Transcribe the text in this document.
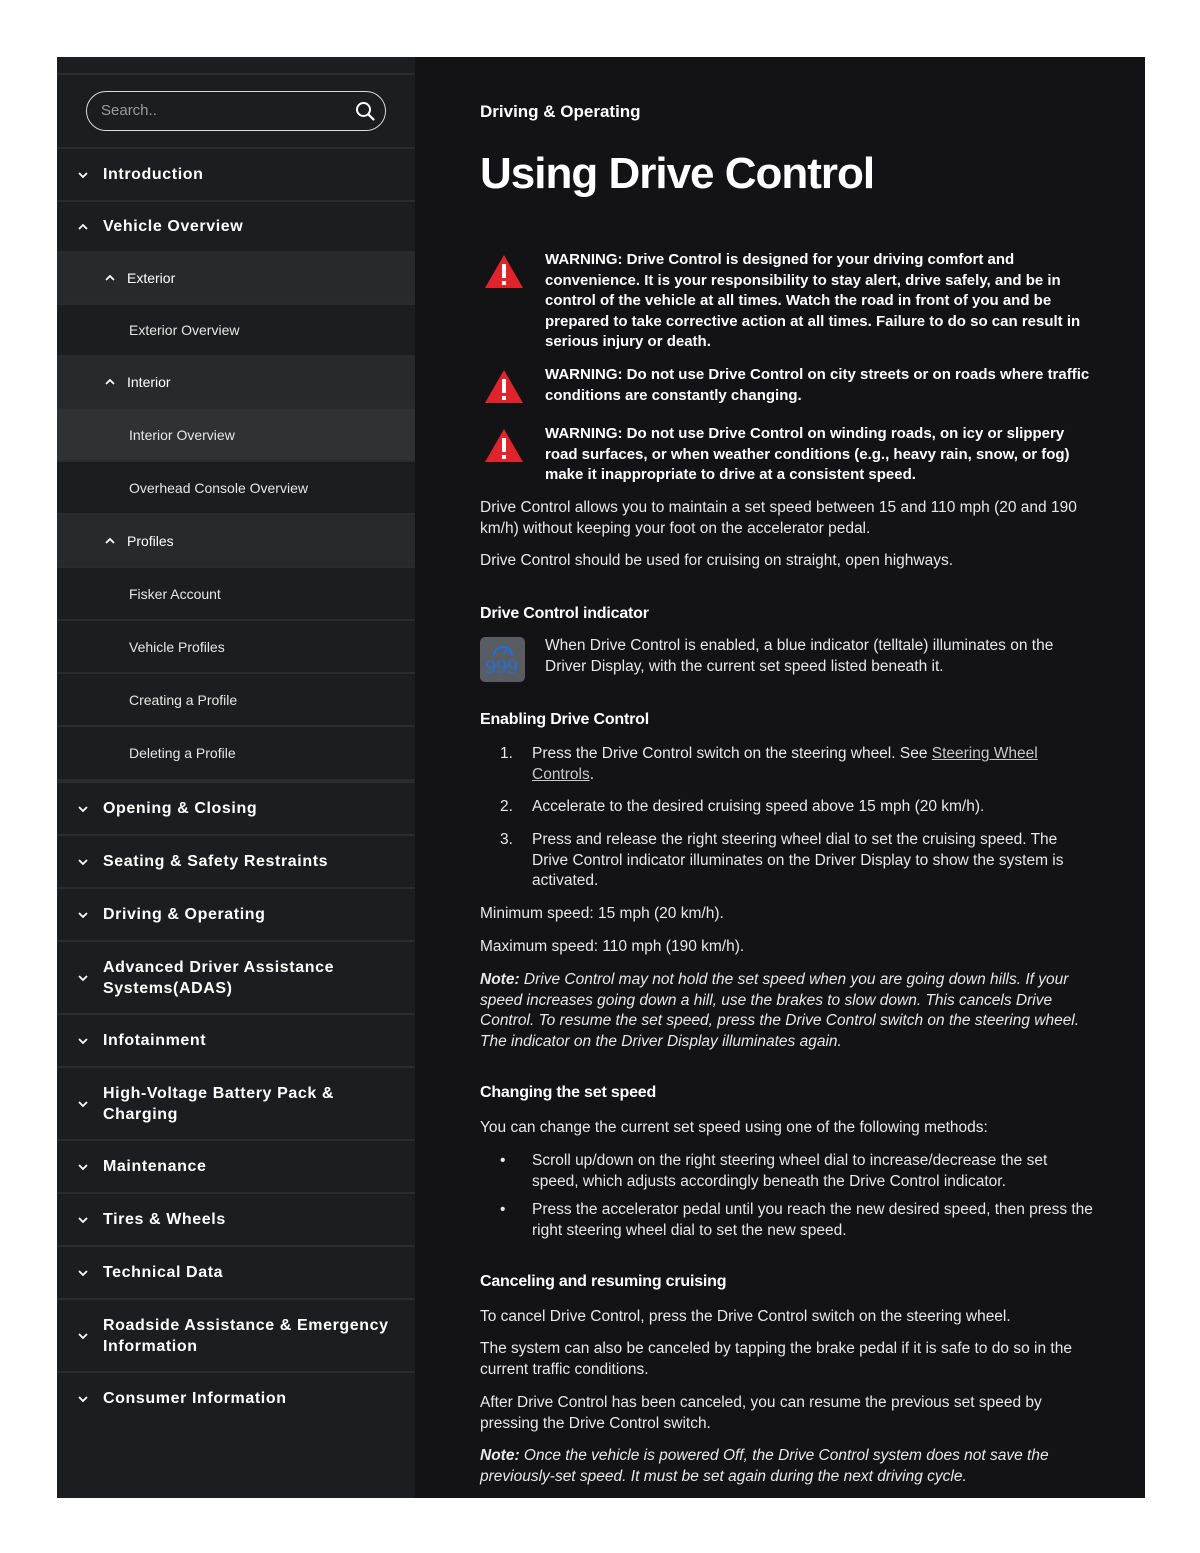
Search..
Introduction
Vehicle Overview
Exterior
Exterior Overview
Interior
Interior Overview
Overhead Console Overview
Profiles
Fisker Account
Vehicle Profiles
Creating a Profile
Deleting a Profile
Opening & Closing
Seating & Safety Restraints
Driving & Operating
Advanced Driver Assistance Systems(ADAS)
Infotainment
High-Voltage Battery Pack & Charging
Maintenance
Tires & Wheels
Technical Data
Roadside Assistance & Emergency Information
Consumer Information
Driving & Operating
Using Drive Control
WARNING: Drive Control is designed for your driving comfort and convenience. It is your responsibility to stay alert, drive safely, and be in control of the vehicle at all times. Watch the road in front of you and be prepared to take corrective action at all times. Failure to do so can result in serious injury or death.
WARNING: Do not use Drive Control on city streets or on roads where traffic conditions are constantly changing.
WARNING: Do not use Drive Control on winding roads, on icy or slippery road surfaces, or when weather conditions (e.g., heavy rain, snow, or fog) make it inappropriate to drive at a consistent speed.
Drive Control allows you to maintain a set speed between 15 and 110 mph (20 and 190 km/h) without keeping your foot on the accelerator pedal.
Drive Control should be used for cruising on straight, open highways.
Drive Control indicator
999
When Drive Control is enabled, a blue indicator (telltale) illuminates on the Driver Display, with the current set speed listed beneath it.
Enabling Drive Control
1. Press the Drive Control switch on the steering wheel. See Steering Wheel Controls.
2. Accelerate to the desired cruising speed above 15 mph (20 km/h).
3. Press and release the right steering wheel dial to set the cruising speed. The Drive Control indicator illuminates on the Driver Display to show the system is activated.
Minimum speed: 15 mph (20 km/h).
Maximum speed: 110 mph (190 km/h).
Note: Drive Control may not hold the set speed when you are going down hills. If your speed increases going down a hill, use the brakes to slow down. This cancels Drive Control. To resume the set speed, press the Drive Control switch on the steering wheel. The indicator on the Driver Display illuminates again.
Changing the set speed
You can change the current set speed using one of the following methods:
• Scroll up/down on the right steering wheel dial to increase/decrease the set speed, which adjusts accordingly beneath the Drive Control indicator.
• Press the accelerator pedal until you reach the new desired speed, then press the right steering wheel dial to set the new speed.
Canceling and resuming cruising
To cancel Drive Control, press the Drive Control switch on the steering wheel.
The system can also be canceled by tapping the brake pedal if it is safe to do so in the current traffic conditions.
After Drive Control has been canceled, you can resume the previous set speed by pressing the Drive Control switch.
Note: Once the vehicle is powered Off, the Drive Control system does not save the previously-set speed. It must be set again during the next driving cycle.
